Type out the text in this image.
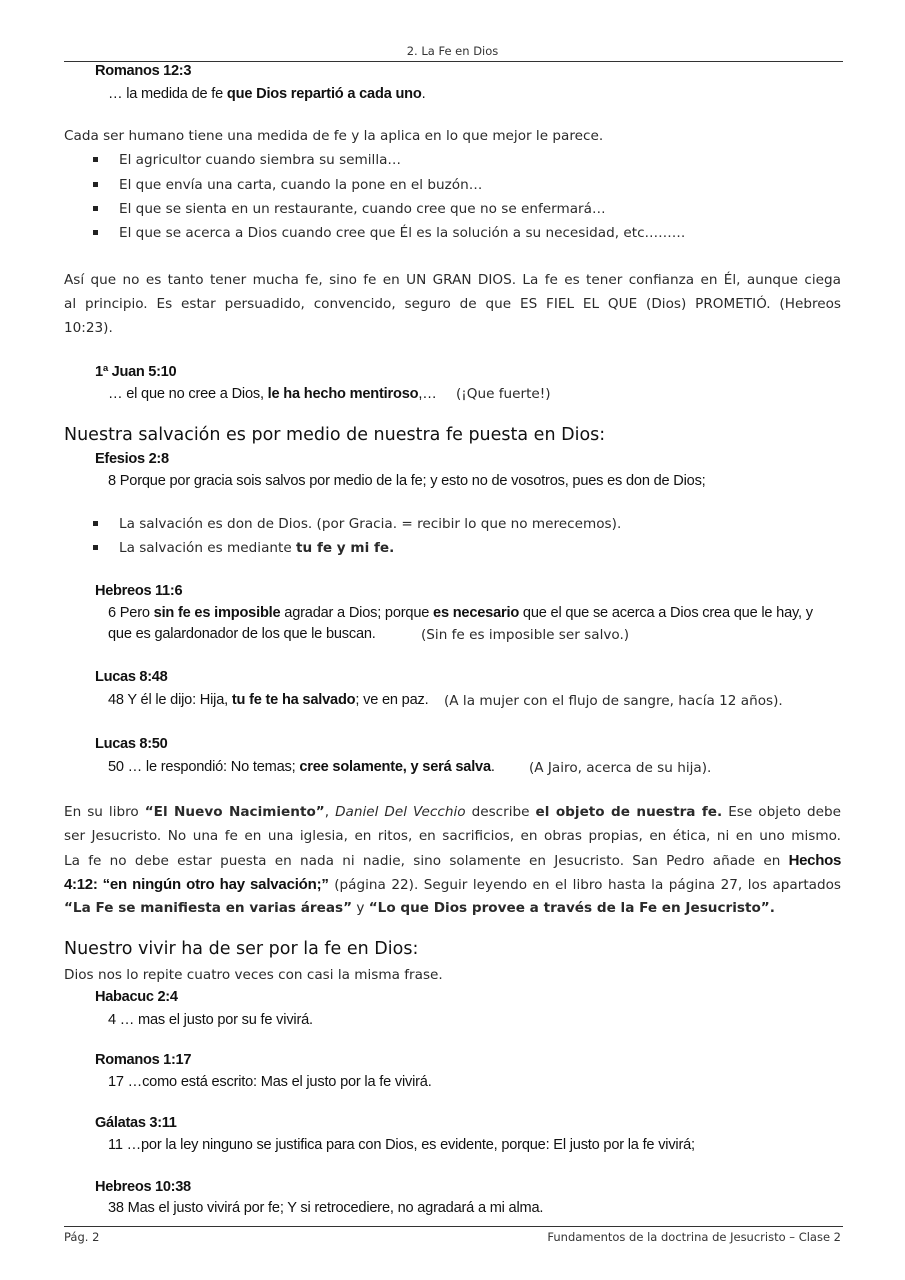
2. La Fe en Dios
Romanos 12:3
… la medida de fe que Dios repartió a cada uno.
Cada ser humano tiene una medida de fe y la aplica en lo que mejor le parece.
El agricultor cuando siembra su semilla…
El que envía una carta, cuando la pone en el buzón…
El que se sienta en un restaurante, cuando cree que no se enfermará…
El que se acerca a Dios cuando cree que Él es la solución a su necesidad, etc………
Así que no es tanto tener mucha fe, sino fe en UN GRAN DIOS. La fe es tener confianza en Él, aunque ciega
al principio. Es estar persuadido, convencido, seguro de que ES FIEL EL QUE (Dios) PROMETIÓ. (Hebreos
10:23).
1ª Juan 5:10
… el que no cree a Dios, le ha hecho mentiroso,… (¡Que fuerte!)
Nuestra salvación es por medio de nuestra fe puesta en Dios:
Efesios 2:8
8 Porque por gracia sois salvos por medio de la fe; y esto no de vosotros, pues es don de Dios;
La salvación es don de Dios. (por Gracia. = recibir lo que no merecemos).
La salvación es mediante tu fe y mi fe.
Hebreos 11:6
6 Pero sin fe es imposible agradar a Dios; porque es necesario que el que se acerca a Dios crea que le hay, y
que es galardonador de los que le buscan.	(Sin fe es imposible ser salvo.)
Lucas 8:48
48 Y él le dijo: Hija, tu fe te ha salvado; ve en paz. (A la mujer con el flujo de sangre, hacía 12 años).
Lucas 8:50
50 … le respondió: No temas; cree solamente, y será salva.	(A Jairo, acerca de su hija).
En su libro “El Nuevo Nacimiento”, Daniel Del Vecchio describe el objeto de nuestra fe. Ese objeto debe
ser Jesucristo. No una fe en una iglesia, en ritos, en sacrificios, en obras propias, en ética, ni en uno mismo.
La fe no debe estar puesta en nada ni nadie, sino solamente en Jesucristo. San Pedro añade en Hechos
4:12: “en ningún otro hay salvación;” (página 22). Seguir leyendo en el libro hasta la página 27, los apartados
“La Fe se manifiesta en varias áreas” y “Lo que Dios provee a través de la Fe en Jesucristo”.
Nuestro vivir ha de ser por la fe en Dios:
Dios nos lo repite cuatro veces con casi la misma frase.
Habacuc 2:4
4 … mas el justo por su fe vivirá.
Romanos 1:17
17 …como está escrito: Mas el justo por la fe vivirá.
Gálatas 3:11
11 …por la ley ninguno se justifica para con Dios, es evidente, porque: El justo por la fe vivirá;
Hebreos 10:38
38 Mas el justo vivirá por fe; Y si retrocediere, no agradará a mi alma.
Pág. 2	Fundamentos de la doctrina de Jesucristo – Clase 2
